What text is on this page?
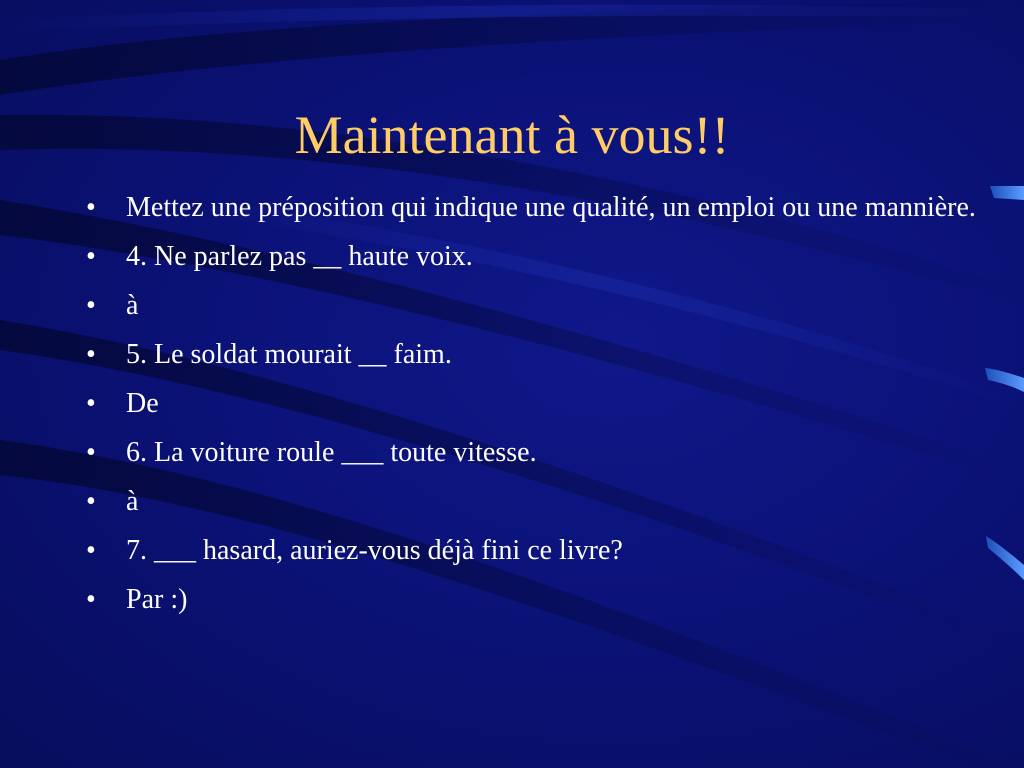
Maintenant à vous!!
•	Mettez une préposition qui indique une qualité, un emploi ou une mannière.
•	4. Ne parlez pas __ haute voix.
•	à
•	5. Le soldat mourait __ faim.
•	De
•	6. La voiture roule ___ toute vitesse.
•	à
•	7. ___ hasard, auriez-vous déjà fini ce livre?
•	Par :)
